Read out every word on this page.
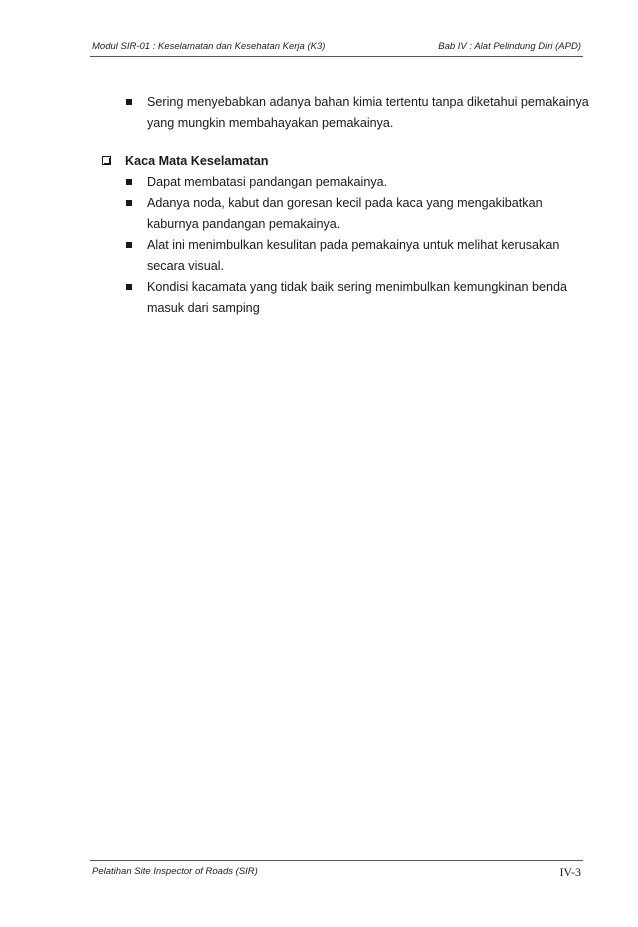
Modul SIR-01 : Keselamatan dan Kesehatan Kerja (K3)	Bab IV : Alat Pelindung Diri (APD)
Sering menyebabkan adanya bahan kimia tertentu tanpa diketahui pemakainya
yang mungkin membahayakan pemakainya.
Kaca Mata Keselamatan
Dapat membatasi pandangan pemakainya.
Adanya noda, kabut dan goresan kecil pada kaca yang mengakibatkan
kaburnya pandangan pemakainya.
Alat ini menimbulkan kesulitan pada pemakainya untuk melihat kerusakan
secara visual.
Kondisi kacamata yang tidak baik sering menimbulkan kemungkinan benda
masuk dari samping
Pelatihan Site Inspector of Roads (SIR)	IV-3
